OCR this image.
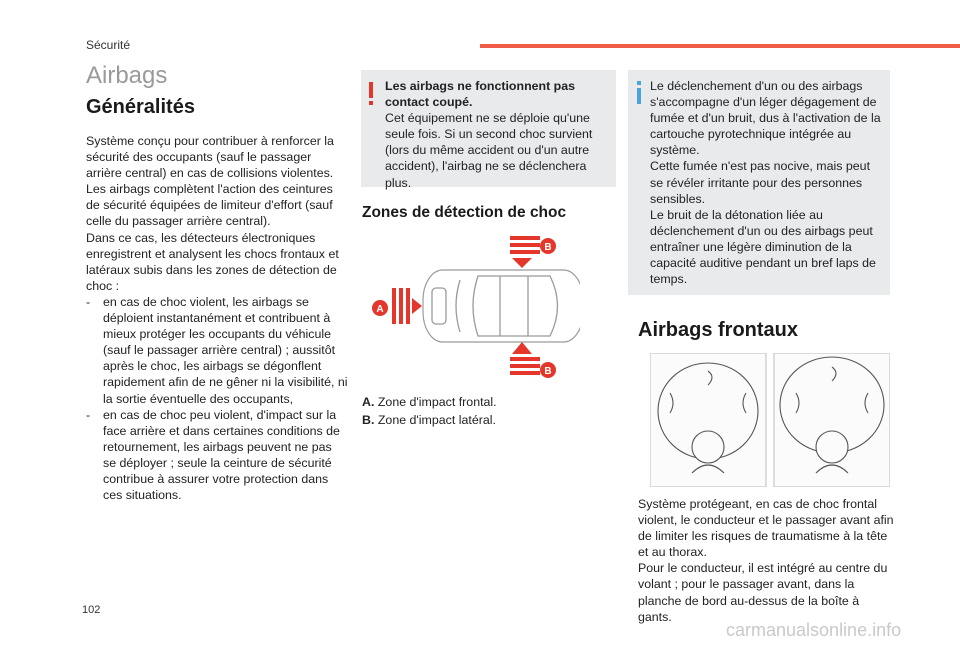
Sécurité
Airbags
Généralités

Système conçu pour contribuer à renforcer la sécurité des occupants (sauf le passager arrière central) en cas de collisions violentes. Les airbags complètent l'action des ceintures de sécurité équipées de limiteur d'effort (sauf celle du passager arrière central).

Dans ce cas, les détecteurs électroniques enregistrent et analysent les chocs frontaux et latéraux subis dans les zones de détection de choc :

- en cas de choc violent, les airbags se déploient instantanément et contribuent à mieux protéger les occupants du véhicule (sauf le passager arrière central) ; aussitôt après le choc, les airbags se dégonflent rapidement afin de ne gêner ni la visibilité, ni la sortie éventuelle des occupants,
- en cas de choc peu violent, d'impact sur la face arrière et dans certaines conditions de retournement, les airbags peuvent ne pas se déployer ; seule la ceinture de sécurité contribue à assurer votre protection dans ces situations.
Les airbags ne fonctionnent pas contact coupé.
Cet équipement ne se déploie qu'une seule fois. Si un second choc survient (lors du même accident ou d'un autre accident), l'airbag ne se déclenchera plus.
Zones de détection de choc
B
B
A
A. Zone d'impact frontal.
B. Zone d'impact latéral.
Le déclenchement d'un ou des airbags s'accompagne d'un léger dégagement de fumée et d'un bruit, dus à l'activation de la cartouche pyrotechnique intégrée au système.
Cette fumée n'est pas nocive, mais peut se révéler irritante pour des personnes sensibles.
Le bruit de la détonation liée au déclenchement d'un ou des airbags peut entraîner une légère diminution de la capacité auditive pendant un bref laps de temps.
Airbags frontaux
Système protégeant, en cas de choc frontal violent, le conducteur et le passager avant afin de limiter les risques de traumatisme à la tête et au thorax.
Pour le conducteur, il est intégré au centre du volant ; pour le passager avant, dans la planche de bord au-dessus de la boîte à gants.
102
carmanualsonline.info
